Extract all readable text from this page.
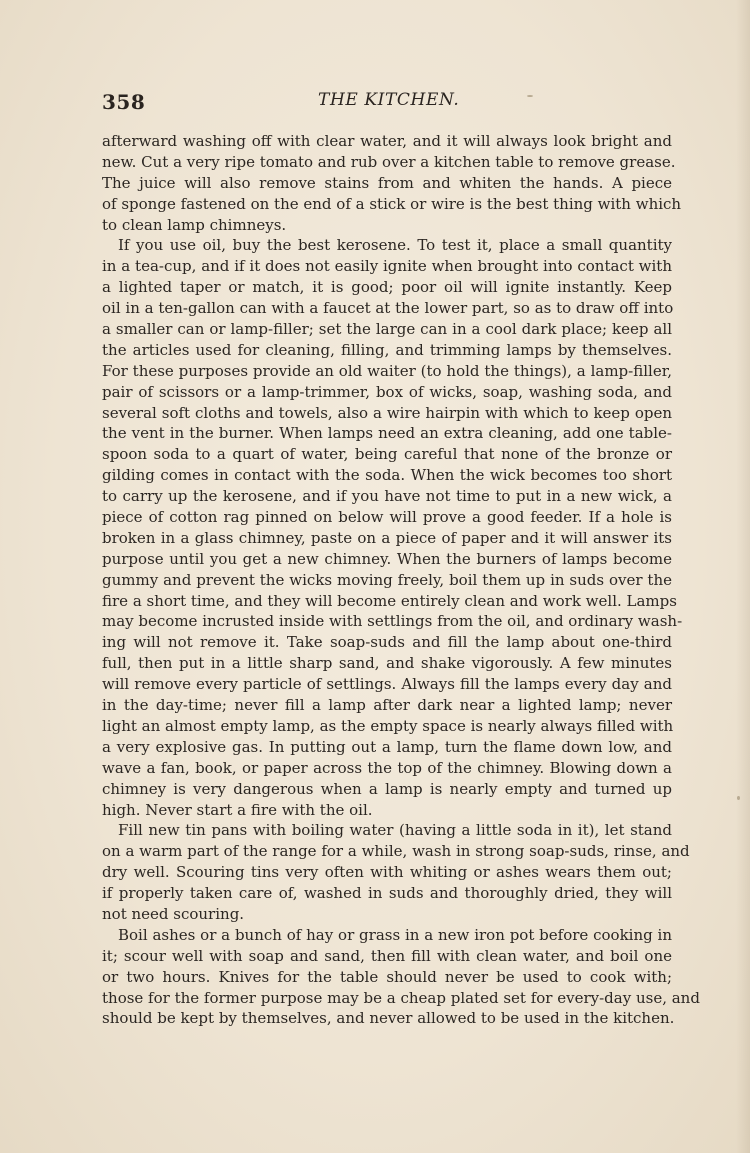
358	THE KITCHEN.
afterward washing off with clear water, and it will always look bright and
new. Cut a very ripe tomato and rub over a kitchen table to remove grease.
The juice will also remove stains from and whiten the hands. A piece
of sponge fastened on the end of a stick or wire is the best thing with which
to clean lamp chimneys.
If you use oil, buy the best kerosene. To test it, place a small quantity
in a tea-cup, and if it does not easily ignite when brought into contact with
a lighted taper or match, it is good; poor oil will ignite instantly. Keep
oil in a ten-gallon can with a faucet at the lower part, so as to draw off into
a smaller can or lamp-filler; set the large can in a cool dark place; keep all
the articles used for cleaning, filling, and trimming lamps by themselves.
For these purposes provide an old waiter (to hold the things), a lamp-filler,
pair of scissors or a lamp-trimmer, box of wicks, soap, washing soda, and
several soft cloths and towels, also a wire hairpin with which to keep open
the vent in the burner. When lamps need an extra cleaning, add one table-
spoon soda to a quart of water, being careful that none of the bronze or
gilding comes in contact with the soda. When the wick becomes too short
to carry up the kerosene, and if you have not time to put in a new wick, a
piece of cotton rag pinned on below will prove a good feeder. If a hole is
broken in a glass chimney, paste on a piece of paper and it will answer its
purpose until you get a new chimney. When the burners of lamps become
gummy and prevent the wicks moving freely, boil them up in suds over the
fire a short time, and they will become entirely clean and work well. Lamps
may become incrusted inside with settlings from the oil, and ordinary wash-
ing will not remove it. Take soap-suds and fill the lamp about one-third
full, then put in a little sharp sand, and shake vigorously. A few minutes
will remove every particle of settlings. Always fill the lamps every day and
in the day-time; never fill a lamp after dark near a lighted lamp; never
light an almost empty lamp, as the empty space is nearly always filled with
a very explosive gas. In putting out a lamp, turn the flame down low, and
wave a fan, book, or paper across the top of the chimney. Blowing down a
chimney is very dangerous when a lamp is nearly empty and turned up
high. Never start a fire with the oil.
Fill new tin pans with boiling water (having a little soda in it), let stand
on a warm part of the range for a while, wash in strong soap-suds, rinse, and
dry well. Scouring tins very often with whiting or ashes wears them out;
if properly taken care of, washed in suds and thoroughly dried, they will
not need scouring.
Boil ashes or a bunch of hay or grass in a new iron pot before cooking in
it; scour well with soap and sand, then fill with clean water, and boil one
or two hours. Knives for the table should never be used to cook with;
those for the former purpose may be a cheap plated set for every-day use, and
should be kept by themselves, and never allowed to be used in the kitchen.
